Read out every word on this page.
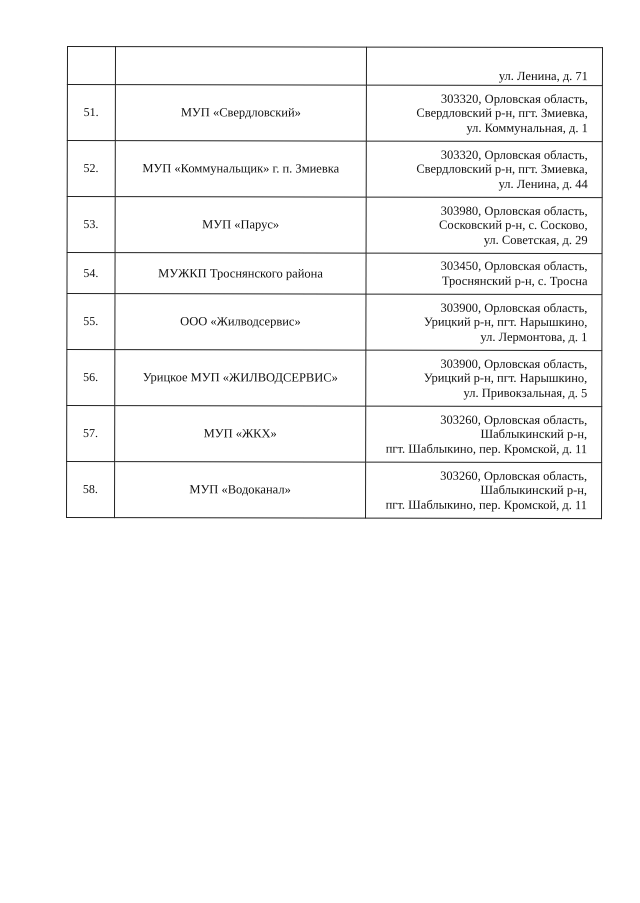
		ул. Ленина, д. 71

51.	МУП «Свердловский»	303320, Орловская область,
Свердловский р-н, пгт. Змиевка,
ул. Коммунальная, д. 1

52.	МУП «Коммунальщик» г. п. Змиевка	303320, Орловская область,
Свердловский р-н, пгт. Змиевка,
ул. Ленина, д. 44

53.	МУП «Парус»	303980, Орловская область,
Сосковский р-н, с. Сосково,
ул. Советская, д. 29

54.	МУЖКП Троснянского района	303450, Орловская область,
Троснянский р-н, с. Тросна

55.	ООО «Жилводсервис»	303900, Орловская область,
Урицкий р-н, пгт. Нарышкино,
ул. Лермонтова, д. 1

56.	Урицкое МУП «ЖИЛВОДСЕРВИС»	303900, Орловская область,
Урицкий р-н, пгт. Нарышкино,
ул. Привокзальная, д. 5

57.	МУП «ЖКХ»	303260, Орловская область,
Шаблыкинский р-н,
пгт. Шаблыкино, пер. Кромской, д. 11

58.	МУП «Водоканал»	303260, Орловская область,
Шаблыкинский р-н,
пгт. Шаблыкино, пер. Кромской, д. 11
